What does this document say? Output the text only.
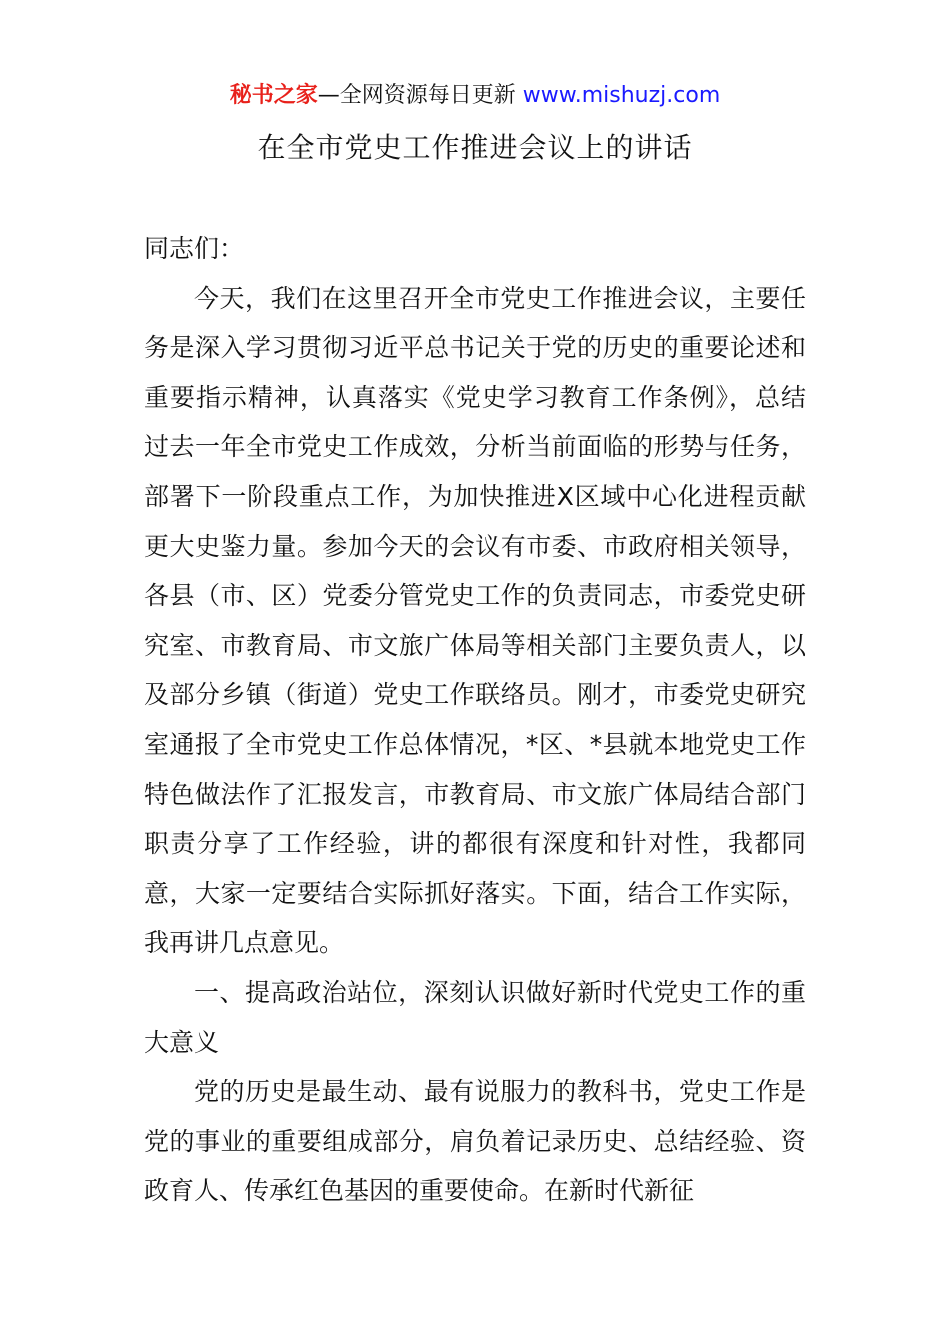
秘书之家—全网资源每日更新 www.mishuzj.com
在全市党史工作推进会议上的讲话

同志们：

今天，我们在这里召开全市党史工作推进会议，主要任务是深入学习贯彻习近平总书记关于党的历史的重要论述和重要指示精神，认真落实《党史学习教育工作条例》，总结过去一年全市党史工作成效，分析当前面临的形势与任务，部署下一阶段重点工作，为加快推进X区域中心化进程贡献更大史鉴力量。参加今天的会议有市委、市政府相关领导，各县（市、区）党委分管党史工作的负责同志，市委党史研究室、市教育局、市文旅广体局等相关部门主要负责人，以及部分乡镇（街道）党史工作联络员。刚才，市委党史研究室通报了全市党史工作总体情况，*区、*县就本地党史工作特色做法作了汇报发言，市教育局、市文旅广体局结合部门职责分享了工作经验，讲的都很有深度和针对性，我都同意，大家一定要结合实际抓好落实。下面，结合工作实际，我再讲几点意见。

一、提高政治站位，深刻认识做好新时代党史工作的重大意义

党的历史是最生动、最有说服力的教科书，党史工作是党的事业的重要组成部分，肩负着记录历史、总结经验、资政育人、传承红色基因的重要使命。在新时代新征
